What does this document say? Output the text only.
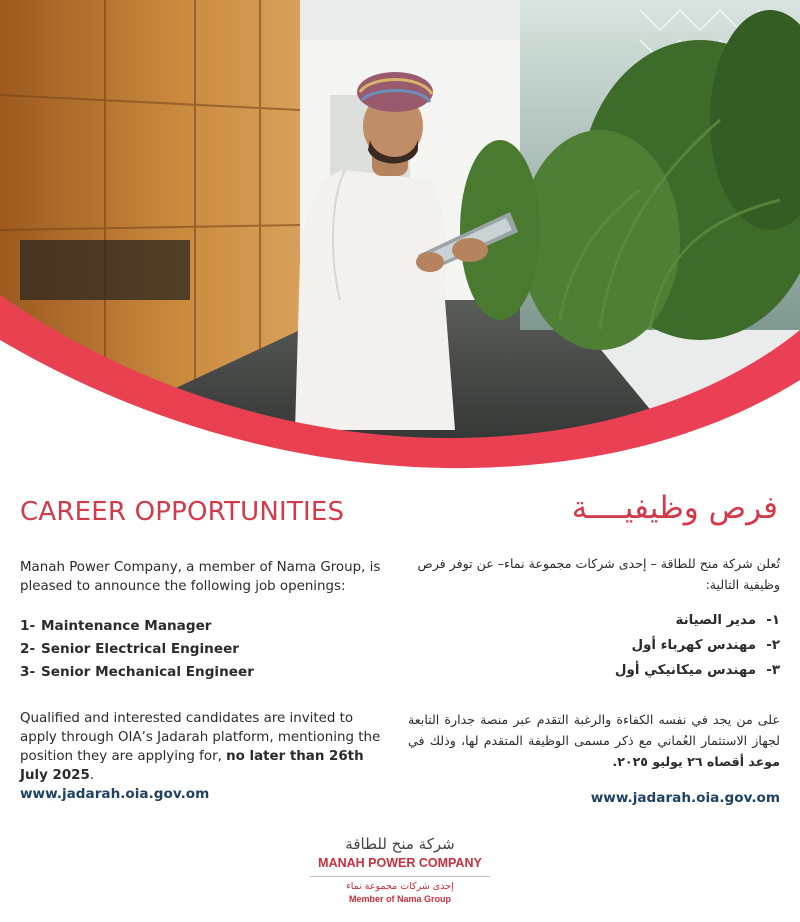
CAREER OPPORTUNITIES	فرص وظيفيــــة
Manah Power Company, a member of Nama Group, is pleased to announce the following job openings:
تُعلن شركة منح للطاقة – إحدى شركات مجموعة نماء– عن توفر فرص وظيفية التالية:
1- Maintenance Manager
2- Senior Electrical Engineer
3- Senior Mechanical Engineer
١-مدير الصيانة
٢-مهندس كهرباء أول
٣-مهندس ميكانيكي أول
Qualified and interested candidates are invited to apply through OIA’s Jadarah platform, mentioning the position they are applying for, no later than 26th July 2025.
على من يجد في نفسه الكفاءة والرغبة التقدم عبر منصة جدارة التابعة لجهاز الاستثمار العُماني مع ذكر مسمى الوظيفة المتقدم لها، وذلك في موعد أقصاه ٢٦ يوليو ٢٠٢٥.
www.jadarah.oia.gov.om	www.jadarah.oia.gov.om
شركة منح للطاقة
MANAH POWER COMPANY
إحدى شركات مجموعة نماء
Member of Nama Group
